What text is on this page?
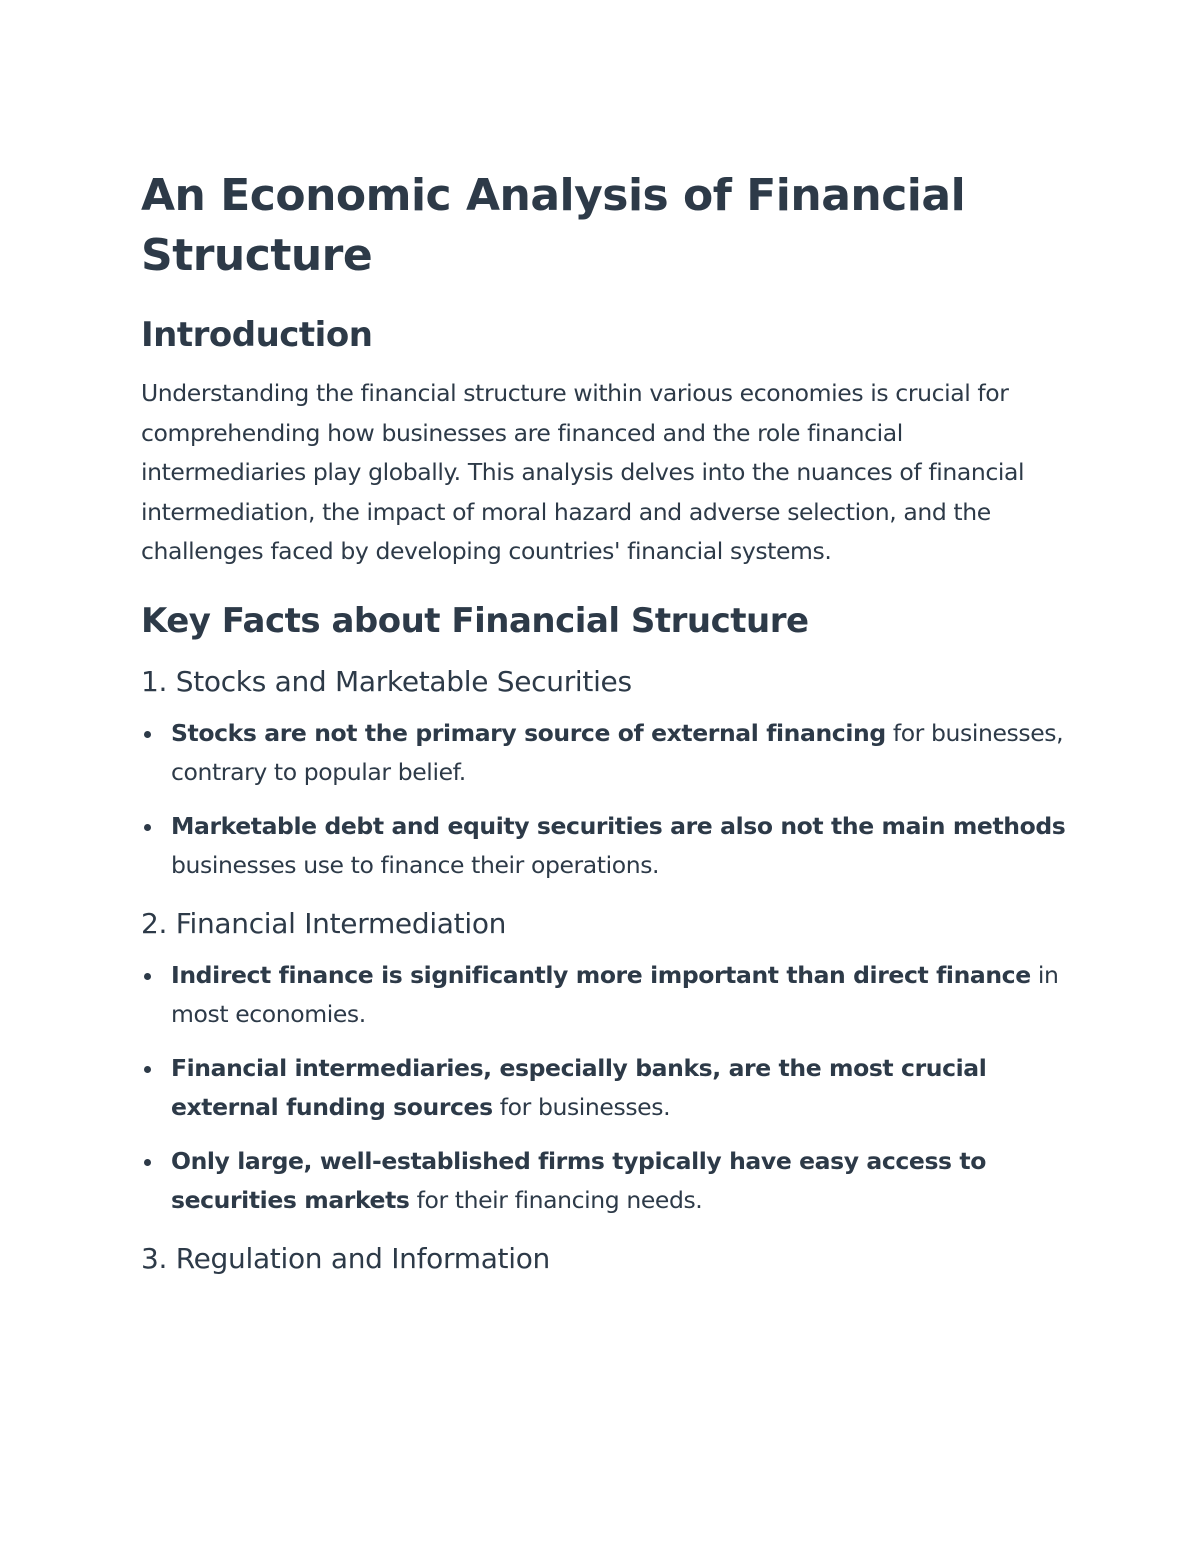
An Economic Analysis of Financial Structure
Introduction

Understanding the financial structure within various economies is crucial for comprehending how businesses are financed and the role financial intermediaries play globally. This analysis delves into the nuances of financial intermediation, the impact of moral hazard and adverse selection, and the challenges faced by developing countries' financial systems.

Key Facts about Financial Structure
1. Stocks and Marketable Securities
Stocks are not the primary source of external financing for businesses, contrary to popular belief.
Marketable debt and equity securities are also not the main methods businesses use to finance their operations.
2. Financial Intermediation
Indirect finance is significantly more important than direct finance in most economies.
Financial intermediaries, especially banks, are the most crucial external funding sources for businesses.
Only large, well-established firms typically have easy access to securities markets for their financing needs.
3. Regulation and Information
